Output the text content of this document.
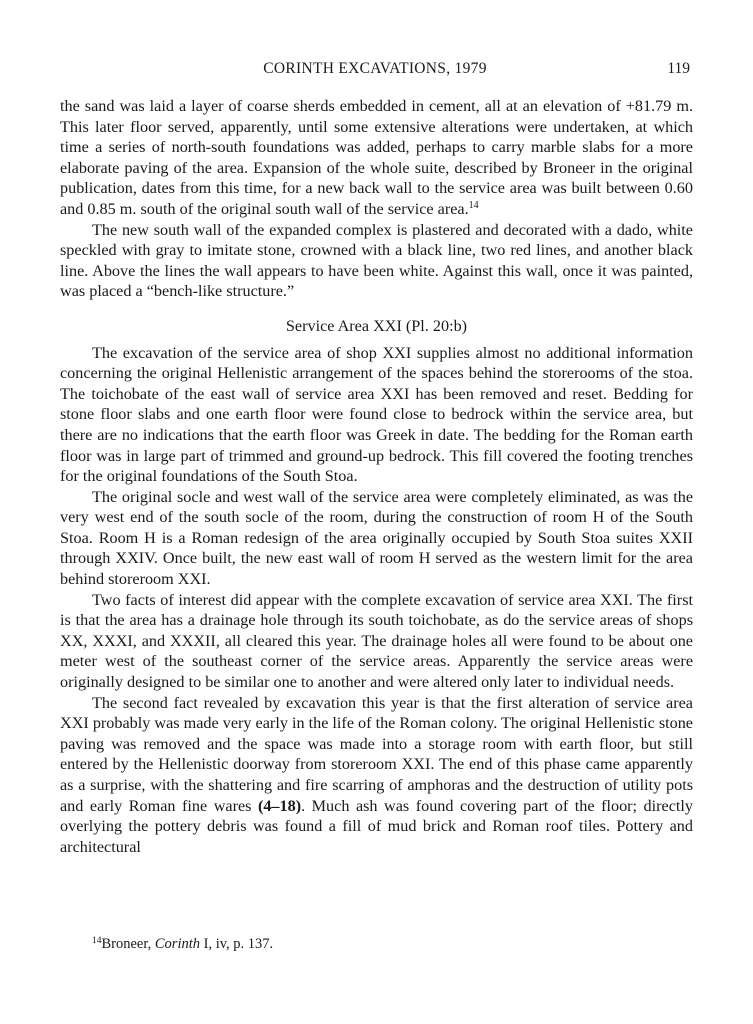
CORINTH EXCAVATIONS, 1979	119

the sand was laid a layer of coarse sherds embedded in cement, all at an elevation of +81.79 m. This later floor served, apparently, until some extensive alterations were undertaken, at which time a series of north-south foundations was added, perhaps to carry marble slabs for a more elaborate paving of the area. Expansion of the whole suite, described by Broneer in the original publication, dates from this time, for a new back wall to the service area was built between 0.60 and 0.85 m. south of the original south wall of the service area.$^{14}$

The new south wall of the expanded complex is plastered and decorated with a dado, white speckled with gray to imitate stone, crowned with a black line, two red lines, and another black line. Above the lines the wall appears to have been white. Against this wall, once it was painted, was placed a “bench-like structure.”

Service Area XXI (Pl. 20:b)

The excavation of the service area of shop XXI supplies almost no additional information concerning the original Hellenistic arrangement of the spaces behind the storerooms of the stoa. The toichobate of the east wall of service area XXI has been removed and reset. Bedding for stone floor slabs and one earth floor were found close to bedrock within the service area, but there are no indications that the earth floor was Greek in date. The bedding for the Roman earth floor was in large part of trimmed and ground-up bedrock. This fill covered the footing trenches for the original foundations of the South Stoa.

The original socle and west wall of the service area were completely eliminated, as was the very west end of the south socle of the room, during the construction of room H of the South Stoa. Room H is a Roman redesign of the area originally occupied by South Stoa suites XXII through XXIV. Once built, the new east wall of room H served as the western limit for the area behind storeroom XXI.

Two facts of interest did appear with the complete excavation of service area XXI. The first is that the area has a drainage hole through its south toichobate, as do the service areas of shops XX, XXXI, and XXXII, all cleared this year. The drainage holes all were found to be about one meter west of the southeast corner of the service areas. Apparently the service areas were originally designed to be similar one to another and were altered only later to individual needs.

The second fact revealed by excavation this year is that the first alteration of service area XXI probably was made very early in the life of the Roman colony. The original Hellenistic stone paving was removed and the space was made into a storage room with earth floor, but still entered by the Hellenistic doorway from storeroom XXI. The end of this phase came apparently as a surprise, with the shattering and fire scarring of amphoras and the destruction of utility pots and early Roman fine wares (4–18). Much ash was found covering part of the floor; directly overlying the pottery debris was found a fill of mud brick and Roman roof tiles. Pottery and architectural

$^{14}$Broneer, Corinth I, iv, p. 137.
